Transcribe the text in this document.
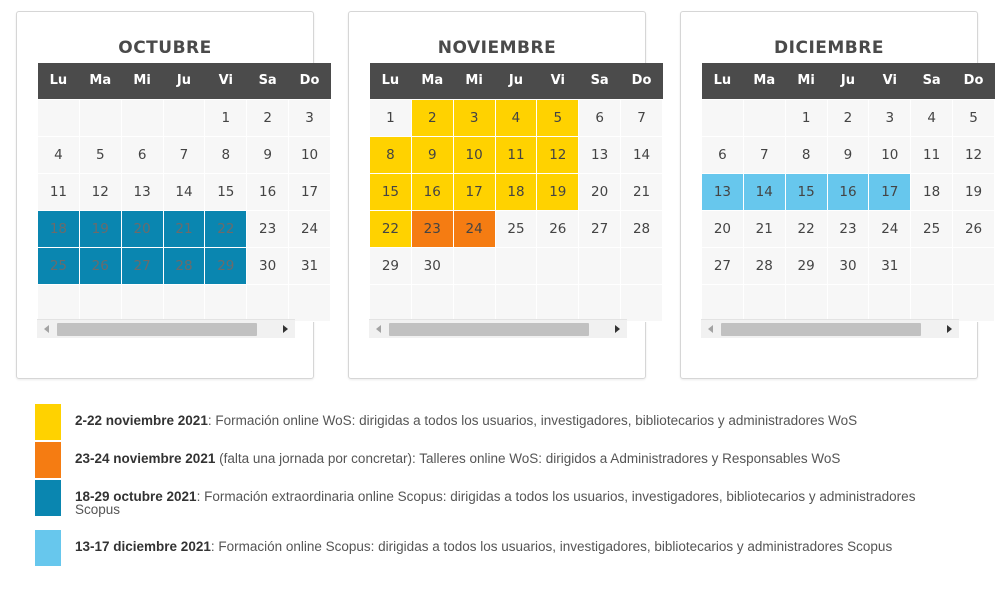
OCTUBRE
Lu	Ma	Mi	Ju	Vi	Sa	Do
				1	2	3
4	5	6	7	8	9	10
11	12	13	14	15	16	17
18	19	20	21	22	23	24
25	26	27	28	29	30	31

NOVIEMBRE
Lu	Ma	Mi	Ju	Vi	Sa	Do
1	2	3	4	5	6	7
8	9	10	11	12	13	14
15	16	17	18	19	20	21
22	23	24	25	26	27	28
29	30					

DICIEMBRE
Lu	Ma	Mi	Ju	Vi	Sa	Do
		1	2	3	4	5
6	7	8	9	10	11	12
13	14	15	16	17	18	19
20	21	22	23	24	25	26
27	28	29	30	31		

2-22 noviembre 2021: Formación online WoS: dirigidas a todos los usuarios, investigadores, bibliotecarios y administradores WoS
23-24 noviembre 2021 (falta una jornada por concretar): Talleres online WoS: dirigidos a Administradores y Responsables WoS
18-29 octubre 2021: Formación extraordinaria online Scopus: dirigidas a todos los usuarios, investigadores, bibliotecarios y administradores Scopus
13-17 diciembre 2021: Formación online Scopus: dirigidas a todos los usuarios, investigadores, bibliotecarios y administradores Scopus
